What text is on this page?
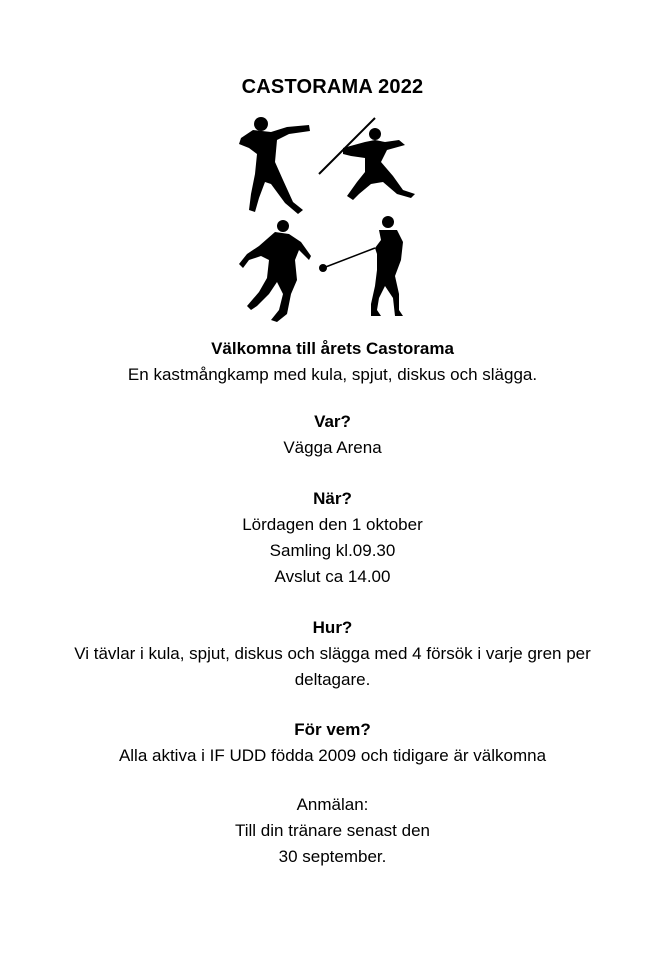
CASTORAMA 2022
Välkomna till årets Castorama
En kastmångkamp med kula, spjut, diskus och slägga.
Var?
Vägga Arena
När?
Lördagen den 1 oktober
Samling kl.09.30
Avslut ca 14.00
Hur?
Vi tävlar i kula, spjut, diskus och slägga med 4 försök i varje gren per
deltagare.
För vem?
Alla aktiva i IF UDD födda 2009 och tidigare är välkomna
Anmälan:
Till din tränare senast den
30 september.
